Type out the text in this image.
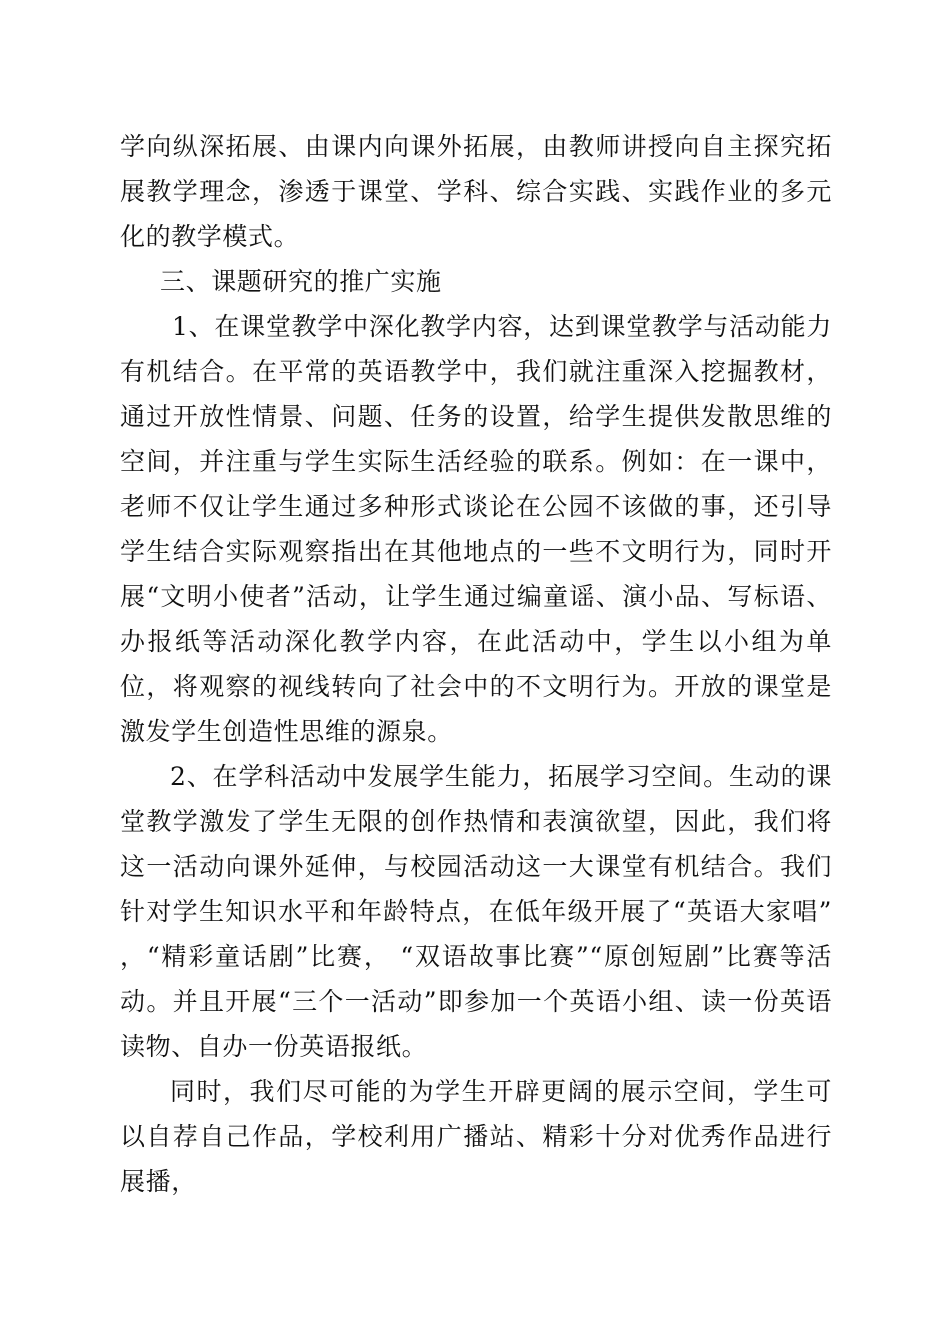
学向纵深拓展、由课内向课外拓展，由教师讲授向自主探究拓展教学理念，渗透于课堂、学科、综合实践、实践作业的多元化的教学模式。

三、课题研究的推广实施

1、在课堂教学中深化教学内容，达到课堂教学与活动能力有机结合。在平常的英语教学中，我们就注重深入挖掘教材，通过开放性情景、问题、任务的设置，给学生提供发散思维的空间，并注重与学生实际生活经验的联系。例如：在一课中，老师不仅让学生通过多种形式谈论在公园不该做的事，还引导学生结合实际观察指出在其他地点的一些不文明行为，同时开展“文明小使者”活动，让学生通过编童谣、演小品、写标语、办报纸等活动深化教学内容，在此活动中，学生以小组为单位，将观察的视线转向了社会中的不文明行为。开放的课堂是激发学生创造性思维的源泉。

2、在学科活动中发展学生能力，拓展学习空间。生动的课堂教学激发了学生无限的创作热情和表演欲望，因此，我们将这一活动向课外延伸，与校园活动这一大课堂有机结合。我们针对学生知识水平和年龄特点，在低年级开展了“英语大家唱” ，“精彩童话剧”比赛， “双语故事比赛”“原创短剧”比赛等活动。并且开展“三个一活动”即参加一个英语小组、读一份英语读物、自办一份英语报纸。

同时，我们尽可能的为学生开辟更阔的展示空间，学生可以自荐自己作品，学校利用广播站、精彩十分对优秀作品进行展播，
